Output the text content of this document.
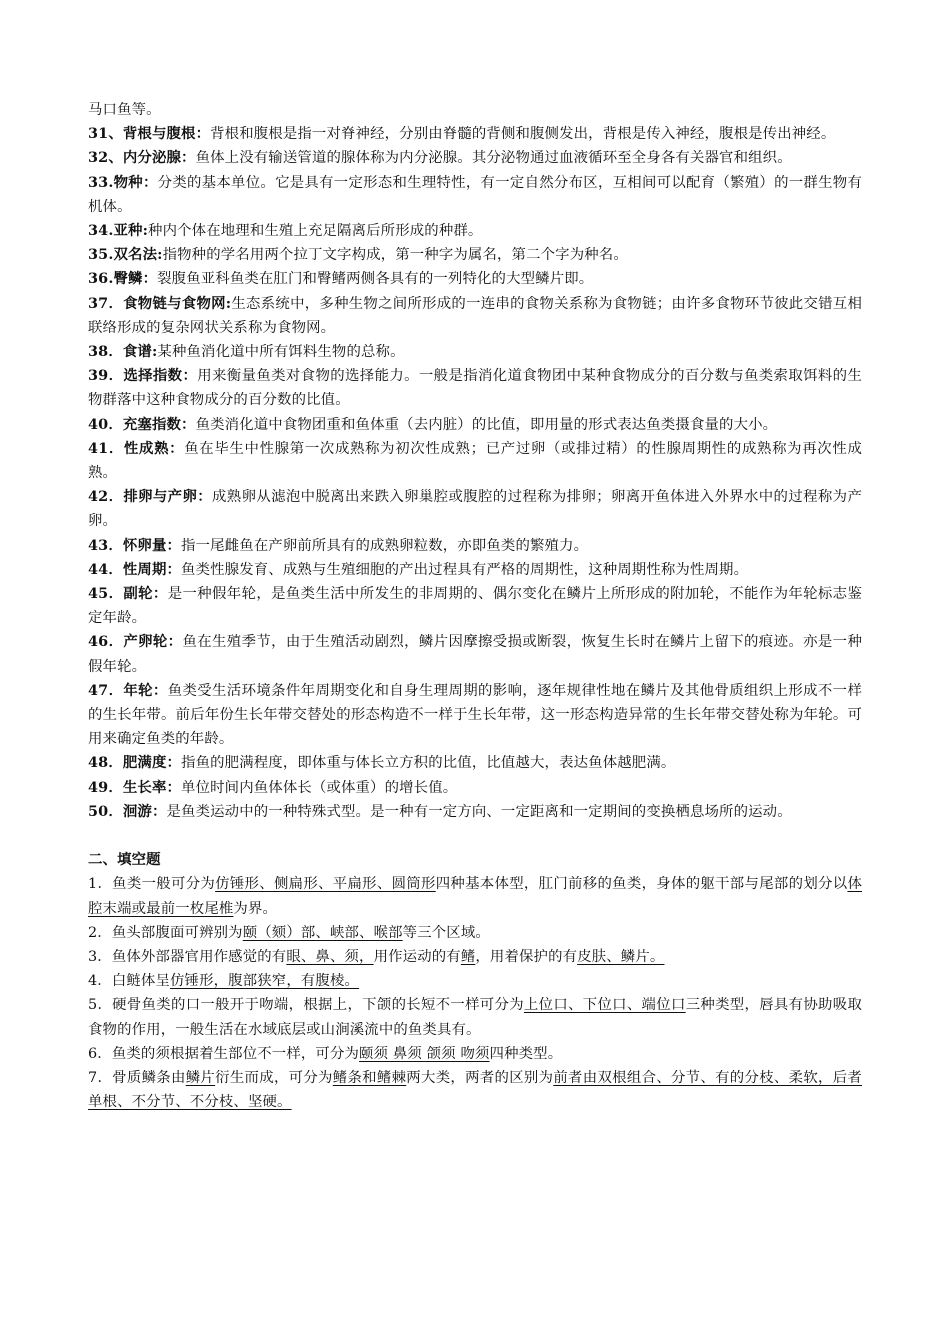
马口鱼等。

31、背根与腹根：背根和腹根是指一对脊神经，分别由脊髓的背侧和腹侧发出，背根是传入神经，腹根是传出神经。

32、内分泌腺：鱼体上没有输送管道的腺体称为内分泌腺。其分泌物通过血液循环至全身各有关器官和组织。

33.物种：分类的基本单位。它是具有一定形态和生理特性，有一定自然分布区，互相间可以配育（繁殖）的一群生物有机体。

34.亚种:种内个体在地理和生殖上充足隔离后所形成的种群。

35.双名法:指物种的学名用两个拉丁文字构成，第一种字为属名，第二个字为种名。

36.臀鳞：裂腹鱼亚科鱼类在肛门和臀鳍两侧各具有的一列特化的大型鳞片即。

37．食物链与食物网:生态系统中，多种生物之间所形成的一连串的食物关系称为食物链；由许多食物环节彼此交错互相联络形成的复杂网状关系称为食物网。

38．食谱:某种鱼消化道中所有饵料生物的总称。

39．选择指数：用来衡量鱼类对食物的选择能力。一般是指消化道食物团中某种食物成分的百分数与鱼类索取饵料的生物群落中这种食物成分的百分数的比值。

40．充塞指数：鱼类消化道中食物团重和鱼体重（去内脏）的比值，即用量的形式表达鱼类摄食量的大小。

41．性成熟：鱼在毕生中性腺第一次成熟称为初次性成熟；已产过卵（或排过精）的性腺周期性的成熟称为再次性成熟。

42．排卵与产卵：成熟卵从滤泡中脱离出来跌入卵巢腔或腹腔的过程称为排卵；卵离开鱼体进入外界水中的过程称为产卵。

43．怀卵量：指一尾雌鱼在产卵前所具有的成熟卵粒数，亦即鱼类的繁殖力。

44．性周期：鱼类性腺发育、成熟与生殖细胞的产出过程具有严格的周期性，这种周期性称为性周期。

45．副轮：是一种假年轮，是鱼类生活中所发生的非周期的、偶尔变化在鳞片上所形成的附加轮，不能作为年轮标志鉴定年龄。

46．产卵轮：鱼在生殖季节，由于生殖活动剧烈，鳞片因摩擦受损或断裂，恢复生长时在鳞片上留下的痕迹。亦是一种假年轮。

47．年轮：鱼类受生活环境条件年周期变化和自身生理周期的影响，逐年规律性地在鳞片及其他骨质组织上形成不一样的生长年带。前后年份生长年带交替处的形态构造不一样于生长年带，这一形态构造异常的生长年带交替处称为年轮。可用来确定鱼类的年龄。

48．肥满度：指鱼的肥满程度，即体重与体长立方积的比值，比值越大，表达鱼体越肥满。

49．生长率：单位时间内鱼体体长（或体重）的增长值。

50．洄游：是鱼类运动中的一种特殊式型。是一种有一定方向、一定距离和一定期间的变换栖息场所的运动。

二、填空题

1．鱼类一般可分为仿锤形、侧扁形、平扁形、圆筒形四种基本体型，肛门前移的鱼类，身体的躯干部与尾部的划分以体腔末端或最前一枚尾椎为界。

2．鱼头部腹面可辨别为颐（颏）部、峡部、喉部等三个区域。

3．鱼体外部器官用作感觉的有眼、鼻、须，用作运动的有鳍，用着保护的有皮肤、鳞片。

4．白鲢体呈仿锤形，腹部狭窄，有腹棱。

5．硬骨鱼类的口一般开于吻端，根据上，下颌的长短不一样可分为上位口、下位口、端位口三种类型，唇具有协助吸取食物的作用，一般生活在水域底层或山涧溪流中的鱼类具有。

6．鱼类的须根据着生部位不一样，可分为颐须 鼻须 颌须 吻须四种类型。

7．骨质鳞条由鳞片衍生而成，可分为鳍条和鳍棘两大类，两者的区别为前者由双根组合、分节、有的分枝、柔软，后者单根、不分节、不分枝、坚硬。
